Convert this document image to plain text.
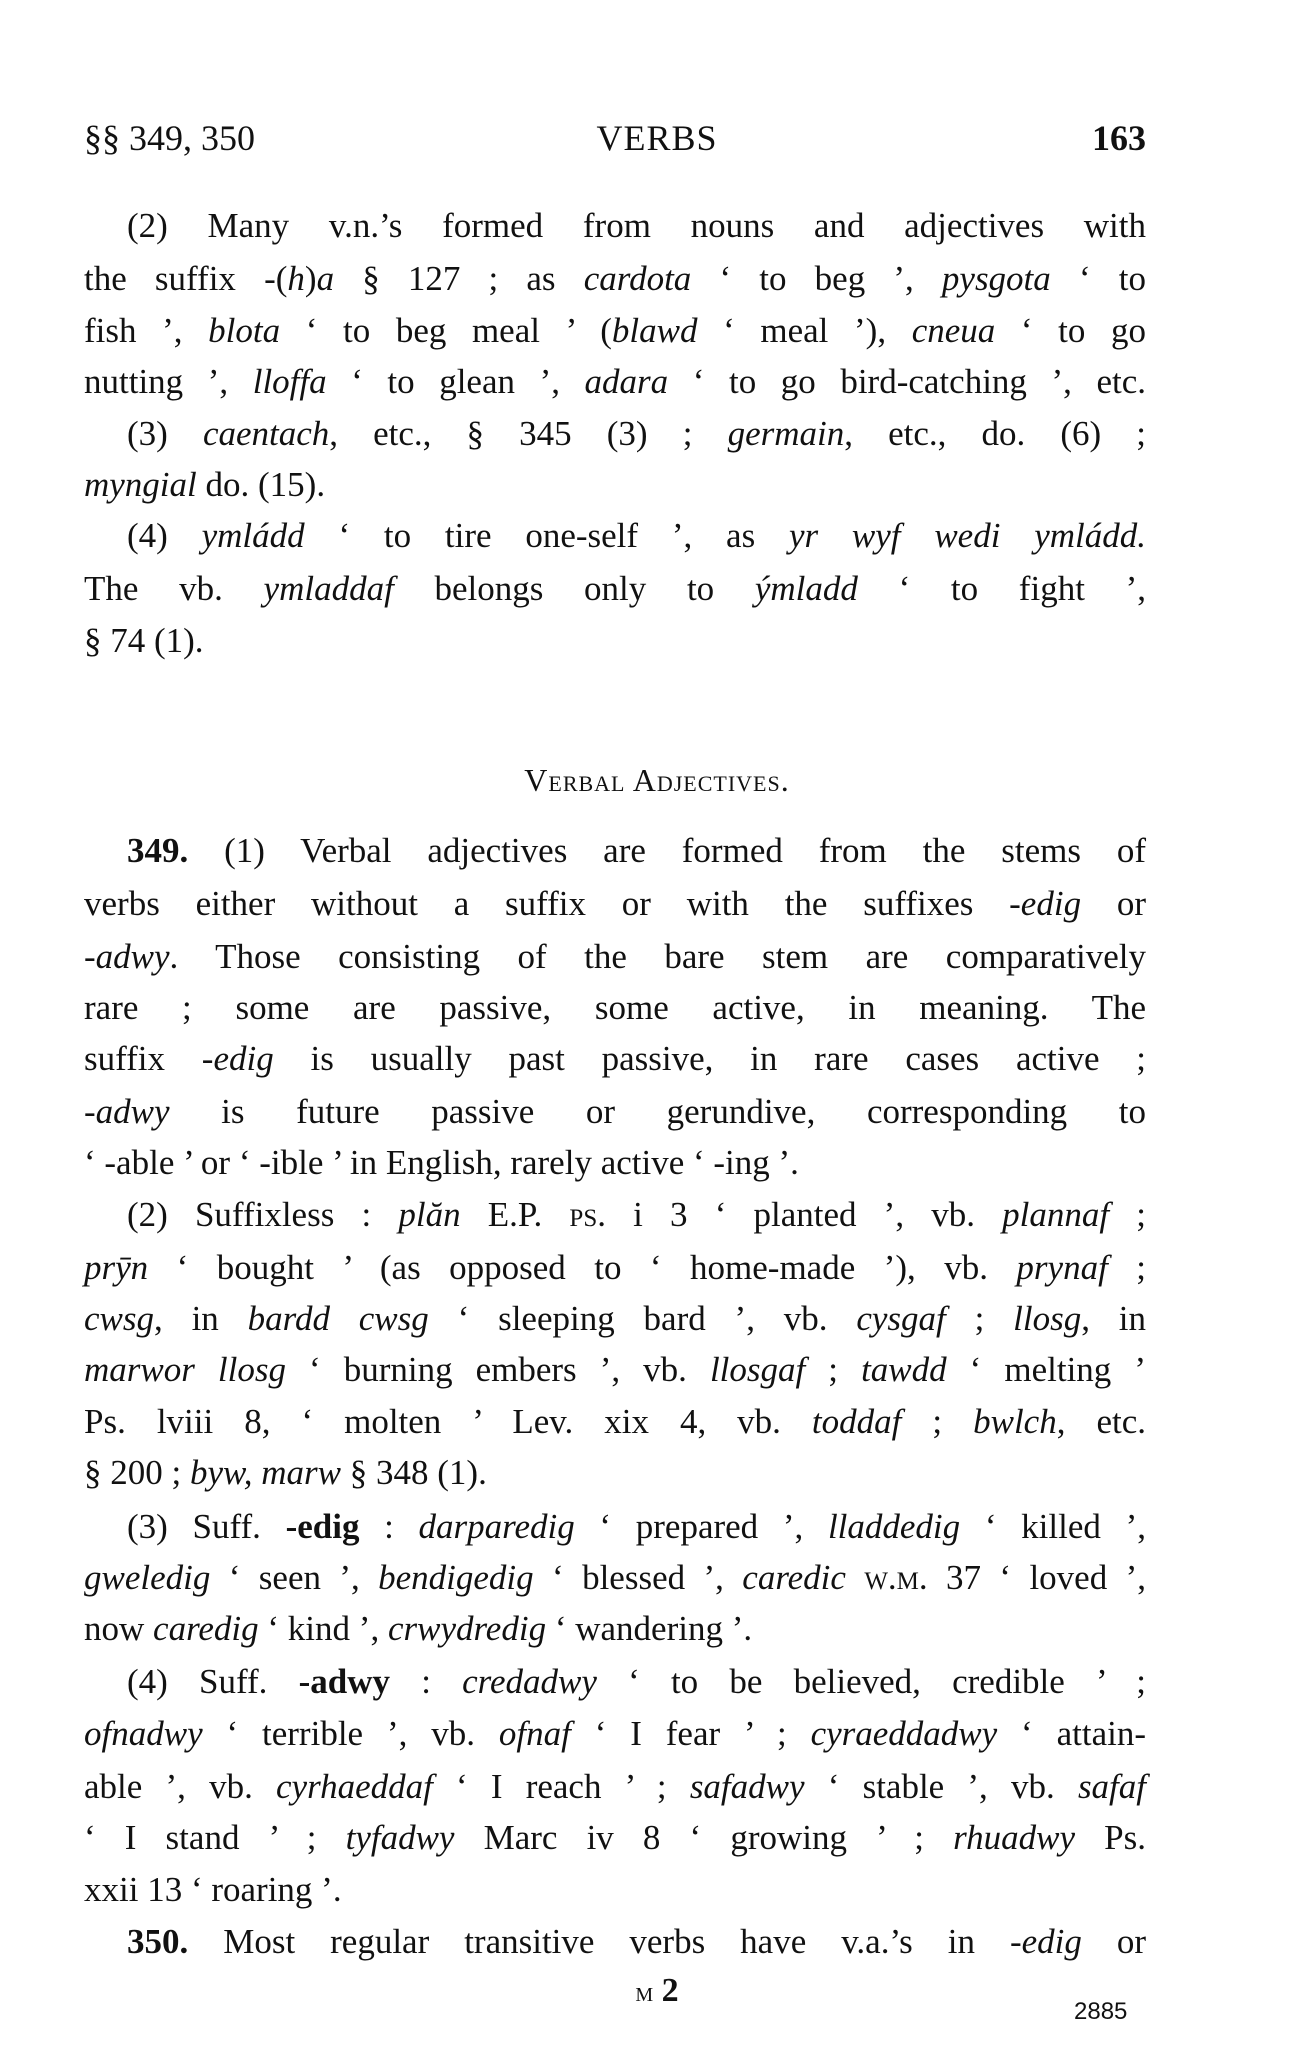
§§ 349, 350	VERBS	163
(2) Many v.n.’s formed from nouns and adjectives with
the suffix -(h)a § 127 ; as cardota ‘ to beg ’, pysgota ‘ to
fish ’, blota ‘ to beg meal ’ (blawd ‘ meal ’), cneua ‘ to go
nutting ’, lloffa ‘ to glean ’, adara ‘ to go bird-catching ’, etc.
(3) caentach, etc., § 345 (3) ; germain, etc., do. (6) ;
myngial do. (15).
(4) ymládd ‘ to tire one-self ’, as yr wyf wedi ymládd.
The vb. ymladdaf belongs only to ýmladd ‘ to fight ’,
§ 74 (1).
349. (1) Verbal adjectives are formed from the stems of
verbs either without a suffix or with the suffixes -edig or
-adwy. Those consisting of the bare stem are comparatively
rare ; some are passive, some active, in meaning. The
suffix -edig is usually past passive, in rare cases active ;
-adwy is future passive or gerundive, corresponding to
‘ -able ’ or ‘ -ible ’ in English, rarely active ‘ -ing ’.
(2) Suffixless : plăn E.P. ps. i 3 ‘ planted ’, vb. plannaf ;
prȳn ‘ bought ’ (as opposed to ‘ home-made ’), vb. prynaf ;
cwsg, in bardd cwsg ‘ sleeping bard ’, vb. cysgaf ; llosg, in
marwor llosg ‘ burning embers ’, vb. llosgaf ; tawdd ‘ melting ’
Ps. lviii 8, ‘ molten ’ Lev. xix 4, vb. toddaf ; bwlch, etc.
§ 200 ; byw, marw § 348 (1).
(3) Suff. -edig : darparedig ‘ prepared ’, lladdedig ‘ killed ’,
gweledig ‘ seen ’, bendigedig ‘ blessed ’, caredic w.m. 37 ‘ loved ’,
now caredig ‘ kind ’, crwydredig ‘ wandering ’.
(4) Suff. -adwy : credadwy ‘ to be believed, credible ’ ;
ofnadwy ‘ terrible ’, vb. ofnaf ‘ I fear ’ ; cyraeddadwy ‘ attain-
able ’, vb. cyrhaeddaf ‘ I reach ’ ; safadwy ‘ stable ’, vb. safaf
‘ I stand ’ ; tyfadwy Marc iv 8 ‘ growing ’ ; rhuadwy Ps.
xxii 13 ‘ roaring ’.
350. Most regular transitive verbs have v.a.’s in -edig or
Verbal Adjectives.
m 2
2885
